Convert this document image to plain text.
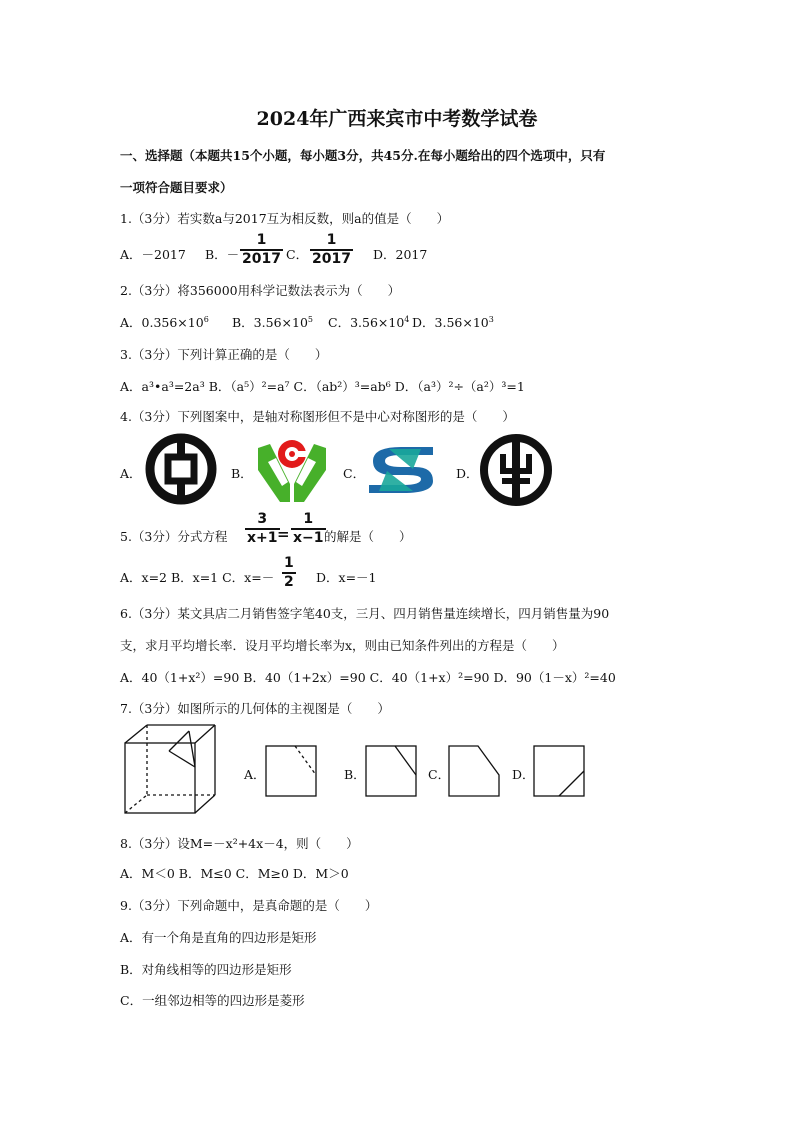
2024年广西来宾市中考数学试卷
一、选择题（本题共15个小题，每小题3分，共45分.在每小题给出的四个选项中，只有
一项符合题目要求）
1.（3分）若实数a与2017互为相反数，则a的值是（　　）
A．－2017 B．－
1
2017 C．
1
2017 D．2017
2.（3分）将356000用科学记数法表示为（　　）
A．$0.356\times 10^6$ B．$3.56\times 10^5$ C．$3.56\times 10^4$ D．$3.56\times 10^3$
3.（3分）下列计算正确的是（　　）
A．a³•a³=2a³ B．（a⁵）²=a⁷ C．（ab²）³=ab⁶ D．（a³）²÷（a²）³=1
4.（3分）下列图案中，是轴对称图形但不是中心对称图形的是（　　）
A．	B．	C．	D．
5.（3分）分式方程
3
x+1 =
1
x−1 的解是（　　）
A．x=2 B．x=1 C．x=－
1
2 D．x=－1
6.（3分）某文具店二月销售签字笔40支，三月、四月销售量连续增长，四月销售量为90
支，求月平均增长率．设月平均增长率为x，则由已知条件列出的方程是（　　）
A．40（1+x²）=90 B．40（1+2x）=90 C．40（1+x）²=90 D．90（1－x）²=40
7.（3分）如图所示的几何体的主视图是（　　）
A．	B．	C．	D．
8.（3分）设M=－x²+4x－4，则（　　）
A．M＜0 B．M≤0 C．M≥0 D．M＞0
9.（3分）下列命题中，是真命题的是（　　）
A．有一个角是直角的四边形是矩形
B．对角线相等的四边形是矩形
C．一组邻边相等的四边形是菱形
